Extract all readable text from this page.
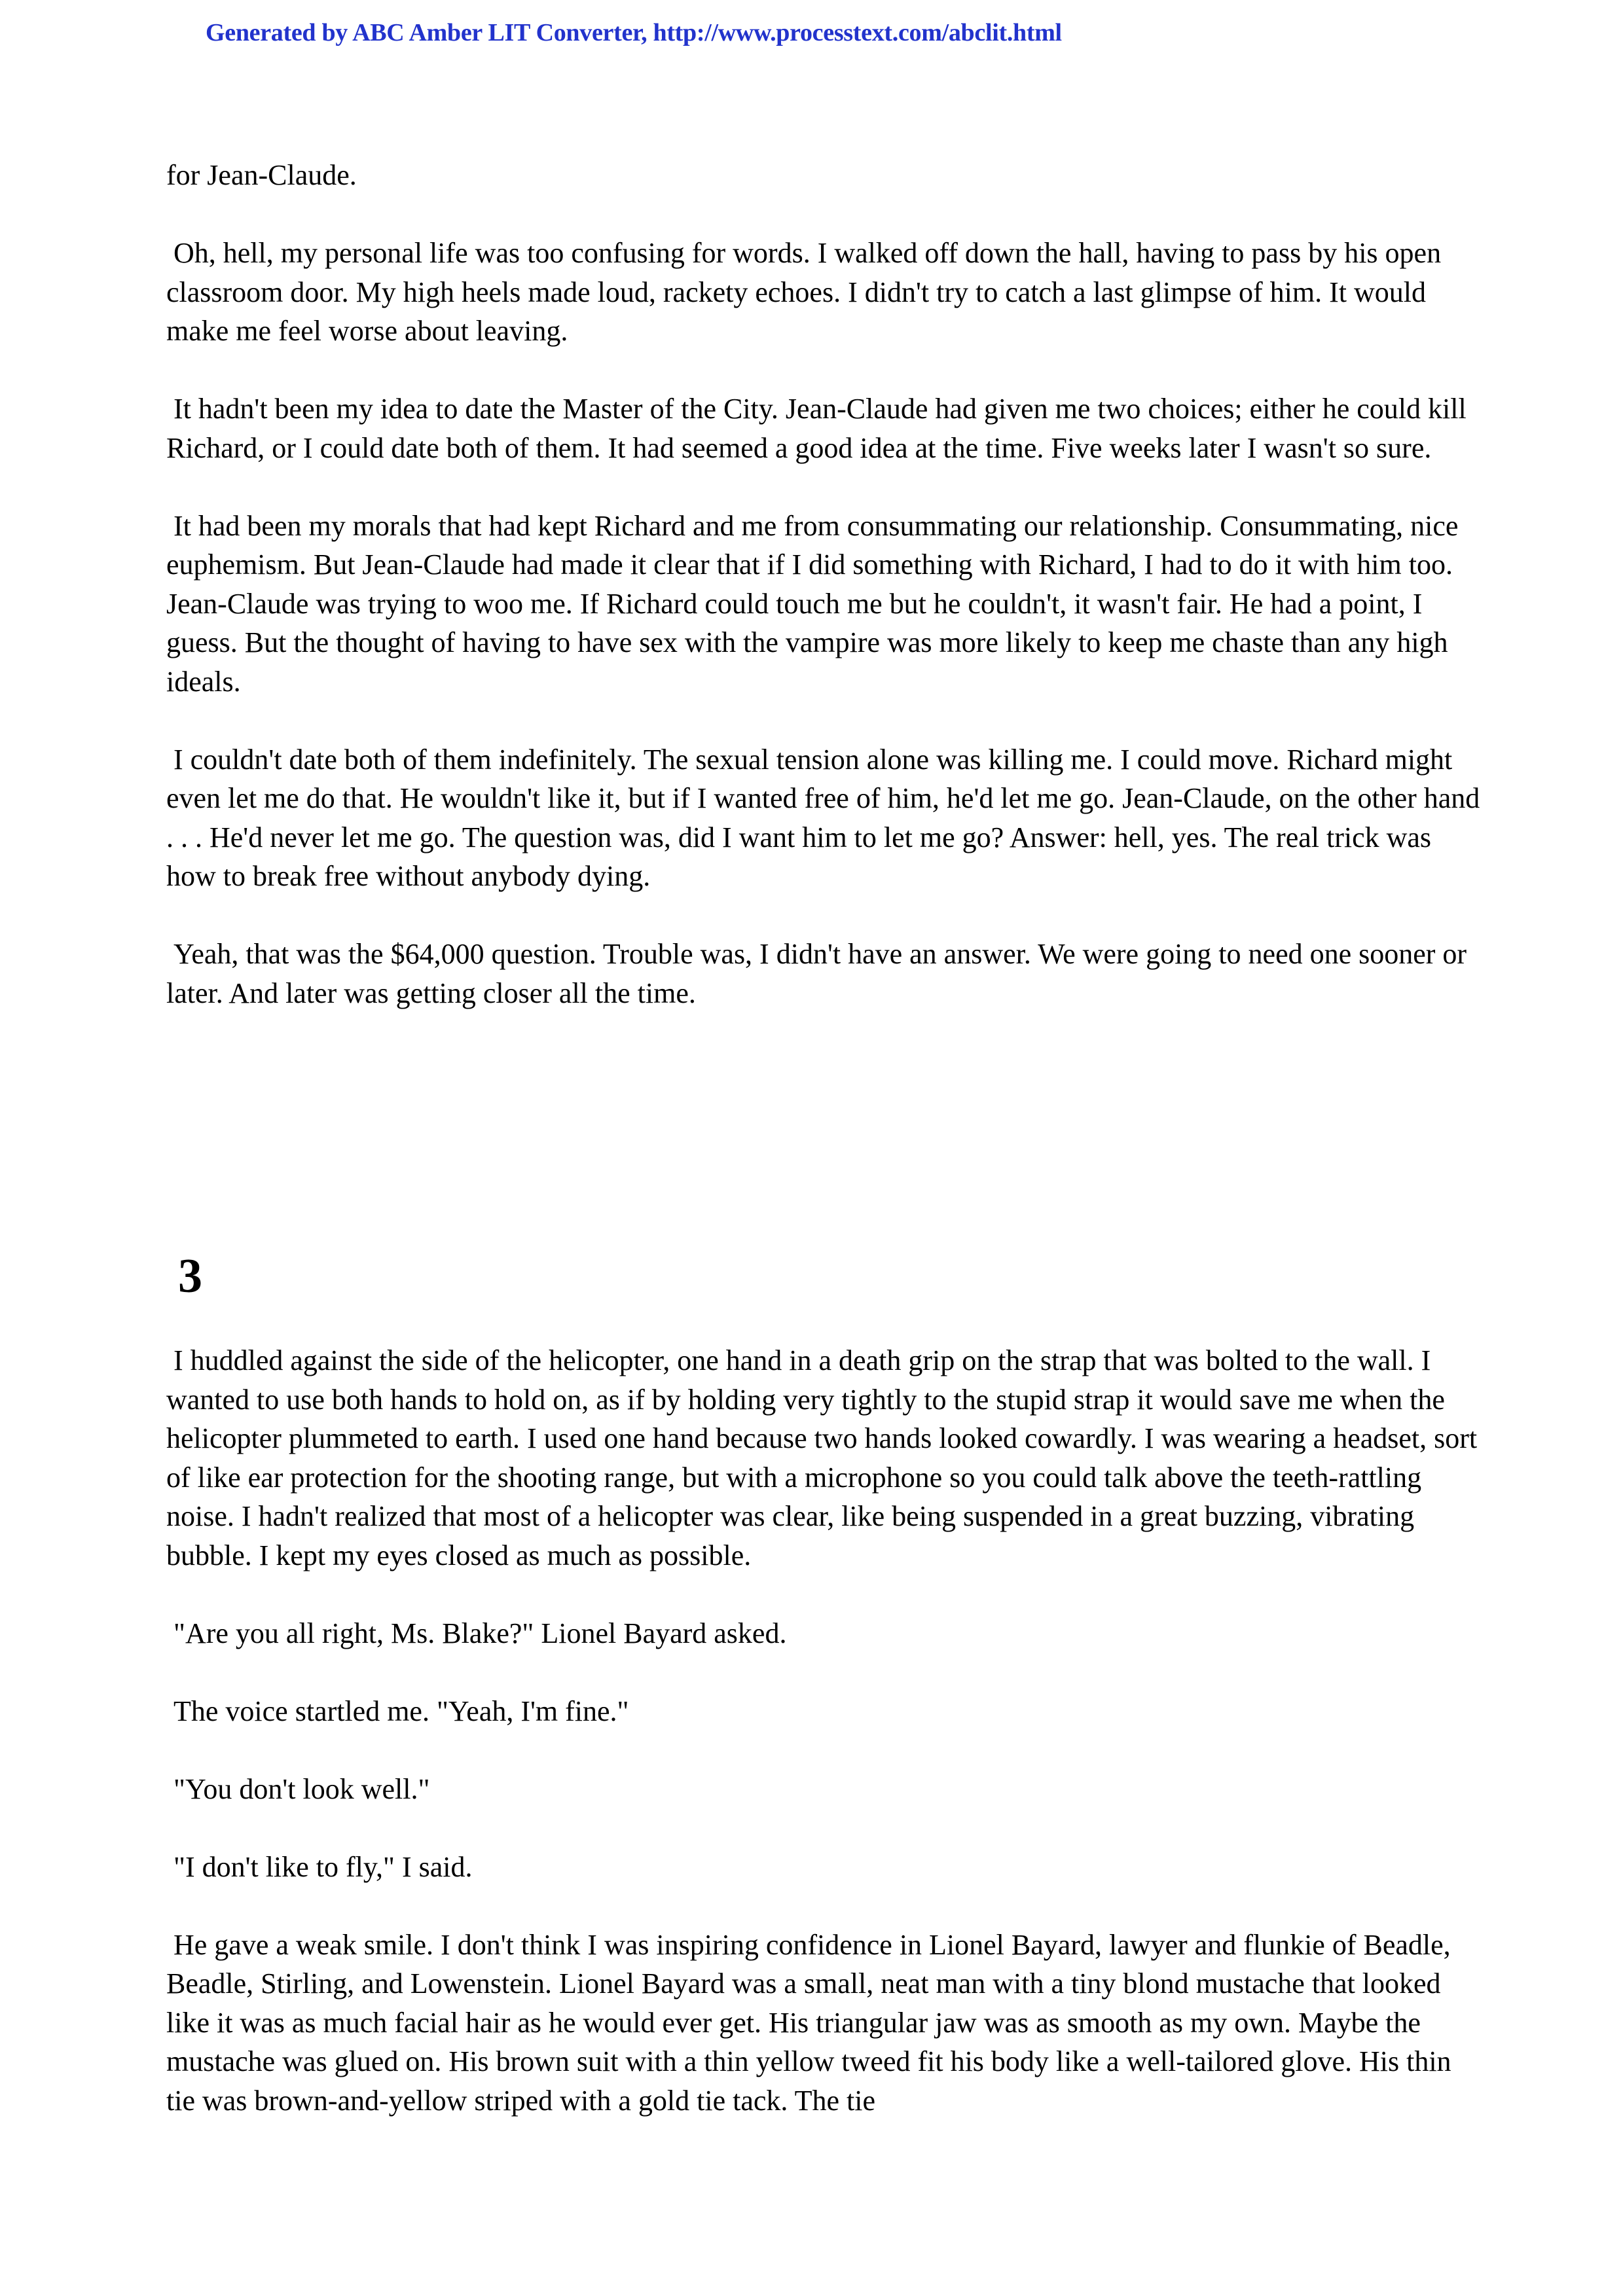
Generated by ABC Amber LIT Converter, http://www.processtext.com/abclit.html

for Jean-Claude.

Oh, hell, my personal life was too confusing for words. I walked off down the hall, having to pass by his open classroom door. My high heels made loud, rackety echoes. I didn't try to catch a last glimpse of him. It would make me feel worse about leaving.

It hadn't been my idea to date the Master of the City. Jean-Claude had given me two choices; either he could kill Richard, or I could date both of them. It had seemed a good idea at the time. Five weeks later I wasn't so sure.

It had been my morals that had kept Richard and me from consummating our relationship. Consummating, nice euphemism. But Jean-Claude had made it clear that if I did something with Richard, I had to do it with him too. Jean-Claude was trying to woo me. If Richard could touch me but he couldn't, it wasn't fair. He had a point, I guess. But the thought of having to have sex with the vampire was more likely to keep me chaste than any high ideals.

I couldn't date both of them indefinitely. The sexual tension alone was killing me. I could move. Richard might even let me do that. He wouldn't like it, but if I wanted free of him, he'd let me go. Jean-Claude, on the other hand . . . He'd never let me go. The question was, did I want him to let me go? Answer: hell, yes. The real trick was how to break free without anybody dying.

Yeah, that was the $64,000 question. Trouble was, I didn't have an answer. We were going to need one sooner or later. And later was getting closer all the time.

3

I huddled against the side of the helicopter, one hand in a death grip on the strap that was bolted to the wall. I wanted to use both hands to hold on, as if by holding very tightly to the stupid strap it would save me when the helicopter plummeted to earth. I used one hand because two hands looked cowardly. I was wearing a headset, sort of like ear protection for the shooting range, but with a microphone so you could talk above the teeth-rattling noise. I hadn't realized that most of a helicopter was clear, like being suspended in a great buzzing, vibrating bubble. I kept my eyes closed as much as possible.

"Are you all right, Ms. Blake?" Lionel Bayard asked.

The voice startled me. "Yeah, I'm fine."

"You don't look well."

"I don't like to fly," I said.

He gave a weak smile. I don't think I was inspiring confidence in Lionel Bayard, lawyer and flunkie of Beadle, Beadle, Stirling, and Lowenstein. Lionel Bayard was a small, neat man with a tiny blond mustache that looked like it was as much facial hair as he would ever get. His triangular jaw was as smooth as my own. Maybe the mustache was glued on. His brown suit with a thin yellow tweed fit his body like a well-tailored glove. His thin tie was brown-and-yellow striped with a gold tie tack. The tie
